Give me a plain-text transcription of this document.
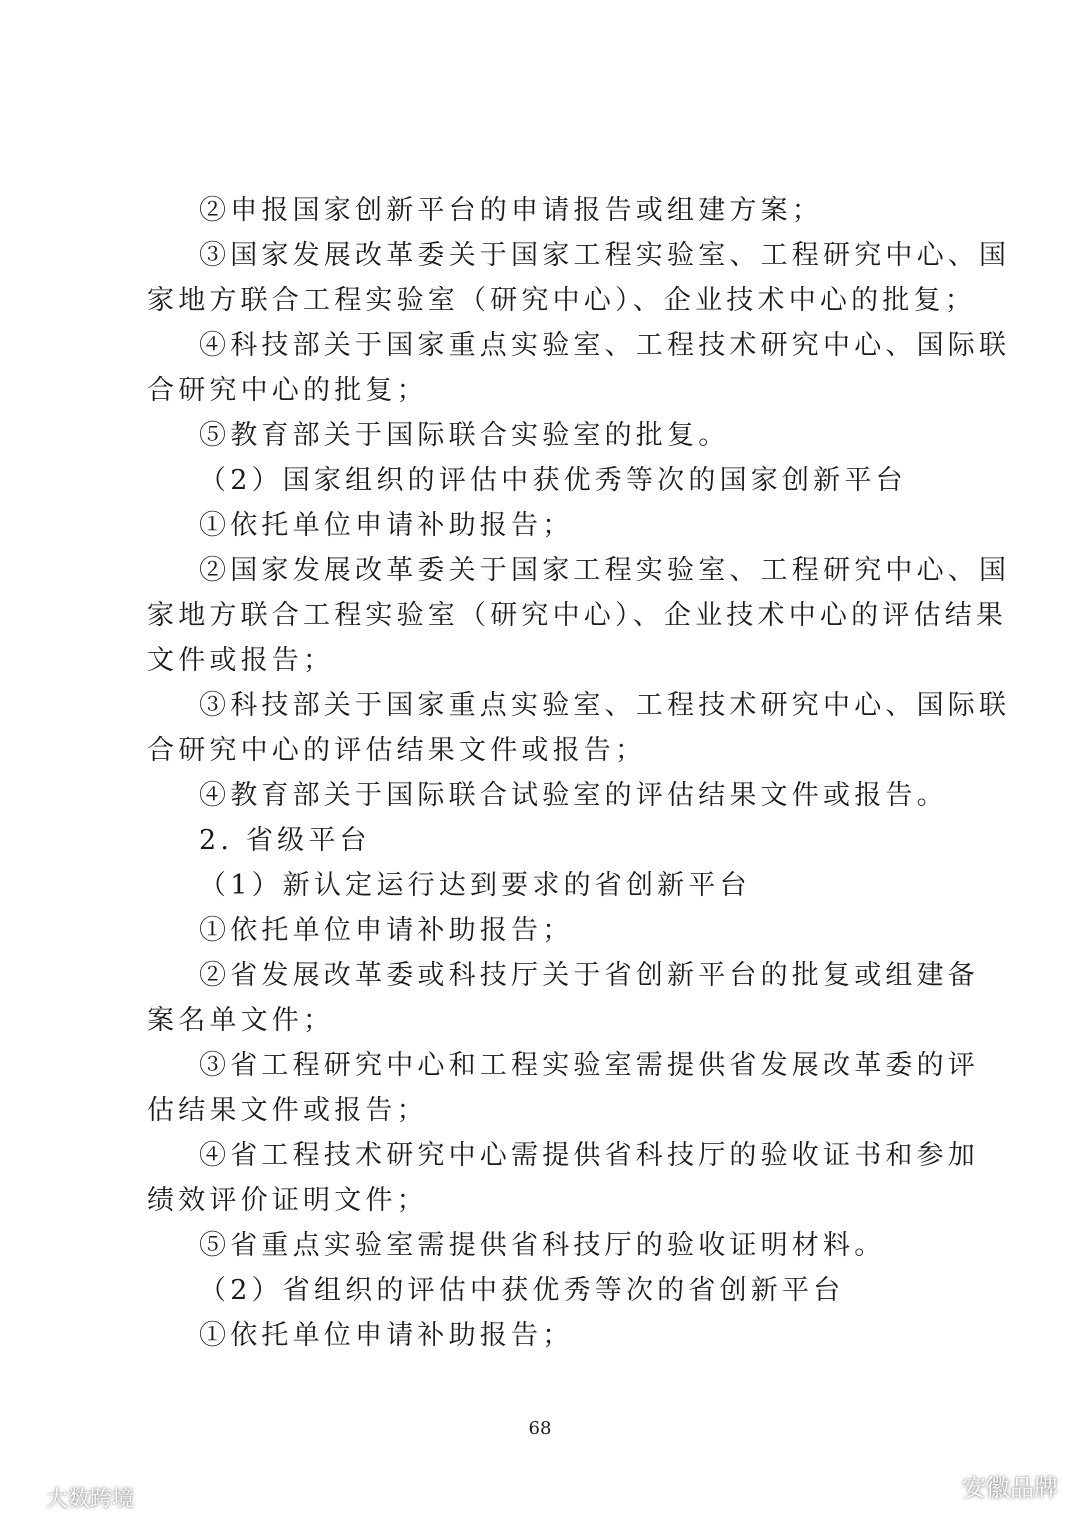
②申报国家创新平台的申请报告或组建方案；
③国家发展改革委关于国家工程实验室、工程研究中心、国
家地方联合工程实验室（研究中心）、企业技术中心的批复；
④科技部关于国家重点实验室、工程技术研究中心、国际联
合研究中心的批复；
⑤教育部关于国际联合实验室的批复。
（2）国家组织的评估中获优秀等次的国家创新平台
①依托单位申请补助报告；
②国家发展改革委关于国家工程实验室、工程研究中心、国
家地方联合工程实验室（研究中心）、企业技术中心的评估结果
文件或报告；
③科技部关于国家重点实验室、工程技术研究中心、国际联
合研究中心的评估结果文件或报告；
④教育部关于国际联合试验室的评估结果文件或报告。
2. 省级平台
（1）新认定运行达到要求的省创新平台
①依托单位申请补助报告；
②省发展改革委或科技厅关于省创新平台的批复或组建备
案名单文件；
③省工程研究中心和工程实验室需提供省发展改革委的评
估结果文件或报告；
④省工程技术研究中心需提供省科技厅的验收证书和参加
绩效评价证明文件；
⑤省重点实验室需提供省科技厅的验收证明材料。
（2）省组织的评估中获优秀等次的省创新平台
①依托单位申请补助报告；
68
大数跨境	安徽品牌
